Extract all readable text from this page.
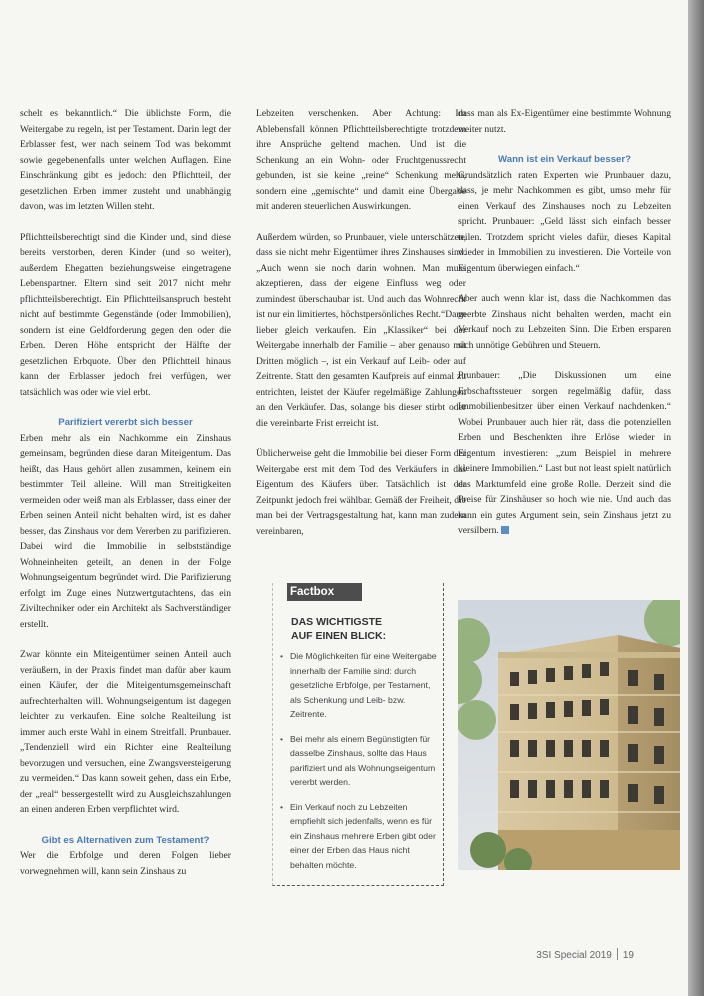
schelt es bekanntlich.“ Die üblichste Form, die Weitergabe zu regeln, ist per Testament. Darin legt der Erblasser fest, wer nach seinem Tod was bekommt sowie gegebenenfalls unter welchen Auflagen. Eine Einschränkung gibt es jedoch: den Pflichtteil, der gesetzlichen Erben immer zusteht und unabhängig davon, was im letzten Willen steht.

Pflichtteilsberechtigt sind die Kinder und, sind diese bereits verstorben, deren Kinder (und so weiter), außerdem Ehegatten beziehungsweise eingetragene Lebenspartner. Eltern sind seit 2017 nicht mehr pflichtteilsberechtigt. Ein Pflichtteilsanspruch besteht nicht auf bestimmte Gegenstände (oder Immobilien), sondern ist eine Geldforderung gegen den oder die Erben. Deren Höhe entspricht der Hälfte der gesetzlichen Erbquote. Über den Pflichtteil hinaus kann der Erblasser jedoch frei verfügen, wer tatsächlich was oder wie viel erbt.

Parifiziert vererbt sich besser

Erben mehr als ein Nachkomme ein Zinshaus gemeinsam, begründen diese daran Miteigentum. Das heißt, das Haus gehört allen zusammen, keinem ein bestimmter Teil alleine. Will man Streitigkeiten vermeiden oder weiß man als Erblasser, dass einer der Erben seinen Anteil nicht behalten wird, ist es daher besser, das Zinshaus vor dem Vererben zu parifizieren. Dabei wird die Immobilie in selbstständige Wohneinheiten geteilt, an denen in der Folge Wohnungseigentum begründet wird. Die Parifizierung erfolgt im Zuge eines Nutzwertgutachtens, das ein Ziviltechniker oder ein Architekt als Sachverständiger erstellt.

Zwar könnte ein Miteigentümer seinen Anteil auch veräußern, in der Praxis findet man dafür aber kaum einen Käufer, der die Miteigentumsgemeinschaft aufrechterhalten will. Wohnungseigentum ist dagegen leichter zu verkaufen. Eine solche Realteilung ist immer auch erste Wahl in einem Streitfall. Prunbauer. „Tendenziell wird ein Richter eine Realteilung bevorzugen und versuchen, eine Zwangsversteigerung zu vermeiden.“ Das kann soweit gehen, dass ein Erbe, der „real“ bessergestellt wird zu Ausgleichszahlungen an einen anderen Erben verpflichtet wird.

Gibt es Alternativen zum Testament?

Wer die Erbfolge und deren Folgen lieber vorwegnehmen will, kann sein Zinshaus zu

Lebzeiten verschenken. Aber Achtung: Im Ablebensfall können Pflichtteilsberechtigte trotzdem ihre Ansprüche geltend machen. Und ist die Schenkung an ein Wohn- oder Fruchtgenussrecht gebunden, ist sie keine „reine“ Schenkung mehr, sondern eine „gemischte“ und damit eine Übergabe mit anderen steuerlichen Auswirkungen.

Außerdem würden, so Prunbauer, viele unterschätzen, dass sie nicht mehr Eigentümer ihres Zinshauses sind. „Auch wenn sie noch darin wohnen. Man muss akzeptieren, dass der eigene Einfluss weg oder zumindest überschaubar ist. Und auch das Wohnrecht ist nur ein limitiertes, höchstpersönliches Recht.“Dann lieber gleich verkaufen. Ein „Klassiker“ bei der Weitergabe innerhalb der Familie – aber genauso mit Dritten möglich –, ist ein Verkauf auf Leib- oder auf Zeitrente. Statt den gesamten Kaufpreis auf einmal zu entrichten, leistet der Käufer regelmäßige Zahlungen an den Verkäufer. Das, solange bis dieser stirbt oder die vereinbarte Frist erreicht ist.

Üblicherweise geht die Immobilie bei dieser Form der Weitergabe erst mit dem Tod des Verkäufers in das Eigentum des Käufers über. Tatsächlich ist der Zeitpunkt jedoch frei wählbar. Gemäß der Freiheit, die man bei der Vertragsgestaltung hat, kann man zudem vereinbaren,

dass man als Ex-Eigentümer eine bestimmte Wohnung weiter nutzt.

Wann ist ein Verkauf besser?

Grundsätzlich raten Experten wie Prunbauer dazu, dass, je mehr Nachkommen es gibt, umso mehr für einen Verkauf des Zinshauses noch zu Lebzeiten spricht. Prunbauer: „Geld lässt sich einfach besser teilen. Trotzdem spricht vieles dafür, dieses Kapital wieder in Immobilien zu investieren. Die Vorteile von Eigentum überwiegen einfach.“

Aber auch wenn klar ist, dass die Nachkommen das geerbte Zinshaus nicht behalten werden, macht ein Verkauf noch zu Lebzeiten Sinn. Die Erben ersparen sich unnötige Gebühren und Steuern.

Prunbauer: „Die Diskussionen um eine Erbschaftssteuer sorgen regelmäßig dafür, dass Immobilienbesitzer über einen Verkauf nachdenken.“ Wobei Prunbauer auch hier rät, dass die potenziellen Erben und Beschenkten ihre Erlöse wieder in Eigentum investieren: „zum Beispiel in mehrere kleinere Immobilien.“ Last but not least spielt natürlich das Marktumfeld eine große Rolle. Derzeit sind die Preise für Zinshäuser so hoch wie nie. Und auch das kann ein gutes Argument sein, sein Zinshaus jetzt zu versilbern.

Factbox
DAS WICHTIGSTE
AUF EINEN BLICK:
• Die Möglichkeiten für eine Weitergabe innerhalb der Familie sind: durch gesetzliche Erbfolge, per Testament, als Schenkung und Leib- bzw. Zeitrente.
• Bei mehr als einem Begünstigten für dasselbe Zinshaus, sollte das Haus parifiziert und als Wohnungseigentum vererbt werden.
• Ein Verkauf noch zu Lebzeiten empfiehlt sich jedenfalls, wenn es für ein Zinshaus mehrere Erben gibt oder einer der Erben das Haus nicht behalten möchte.
3SI Special 2019 19
